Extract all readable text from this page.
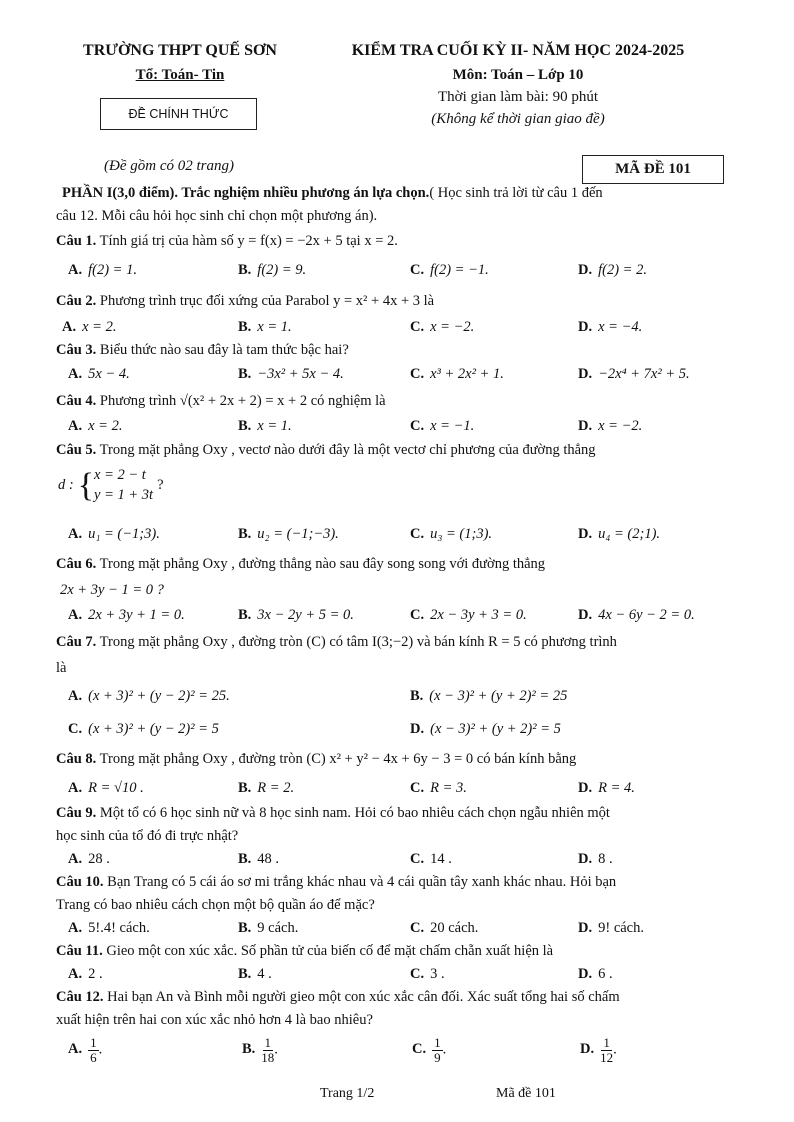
TRƯỜNG THPT QUẾ SƠN
Tổ: Toán- Tin
KIỂM TRA CUỐI KỲ II- NĂM HỌC 2024-2025
Môn: Toán – Lớp 10
Thời gian làm bài: 90 phút
(Không kể thời gian giao đề)
ĐỀ CHÍNH THỨC
(Đề gồm có 02 trang)	MÃ ĐỀ 101
PHẦN I(3,0 điểm). Trắc nghiệm nhiều phương án lựa chọn.( Học sinh trả lời từ câu 1 đến
câu 12. Mỗi câu hỏi học sinh chỉ chọn một phương án).
Câu 1. Tính giá trị của hàm số y = f(x) = −2x + 5 tại x = 2.
A. f(2) = 1.	B. f(2) = 9.	C. f(2) = −1.	D. f(2) = 2.
Câu 2. Phương trình trục đối xứng của Parabol y = x² + 4x + 3 là
A. x = 2.	B. x = 1.	C. x = −2.	D. x = −4.
Câu 3. Biểu thức nào sau đây là tam thức bậc hai?
A. 5x − 4.	B. −3x² + 5x − 4.	C. x³ + 2x² + 1.	D. −2x⁴ + 7x² + 5.
Câu 4. Phương trình √(x² + 2x + 2) = x + 2 có nghiệm là
A. x = 2.	B. x = 1.	C. x = −1.	D. x = −2.
Câu 5. Trong mặt phẳng Oxy , vectơ nào dưới đây là một vectơ chỉ phương của đường thẳng
d : { x = 2 − t
y = 1 + 3t
?
A. u₁ = (−1;3).	B. u₂ = (−1;−3).	C. u₃ = (1;3).	D. u₄ = (2;1).
Câu 6. Trong mặt phẳng Oxy , đường thẳng nào sau đây song song với đường thẳng
2x + 3y − 1 = 0 ?
A. 2x + 3y + 1 = 0.	B. 3x − 2y + 5 = 0.	C. 2x − 3y + 3 = 0.	D. 4x − 6y − 2 = 0.
Câu 7. Trong mặt phẳng Oxy , đường tròn (C) có tâm I(3;−2) và bán kính R = 5 có phương trình
là
A. (x + 3)² + (y − 2)² = 25.	B. (x − 3)² + (y + 2)² = 25
C. (x + 3)² + (y − 2)² = 5	D. (x − 3)² + (y + 2)² = 5
Câu 8. Trong mặt phẳng Oxy , đường tròn (C) x² + y² − 4x + 6y − 3 = 0 có bán kính bằng
A. R = √10 .	B. R = 2.	C. R = 3.	D. R = 4.
Câu 9. Một tổ có 6 học sinh nữ và 8 học sinh nam. Hỏi có bao nhiêu cách chọn ngẫu nhiên một
học sinh của tổ đó đi trực nhật?
A. 28 .	B. 48 .	C. 14 .	D. 8 .
Câu 10. Bạn Trang có 5 cái áo sơ mi trắng khác nhau và 4 cái quần tây xanh khác nhau. Hỏi bạn
Trang có bao nhiêu cách chọn một bộ quần áo để mặc?
A. 5!.4! cách.	B. 9 cách.	C. 20 cách.	D. 9! cách.
Câu 11. Gieo một con xúc xắc. Số phần tử của biến cố để mặt chấm chẵn xuất hiện là
A. 2 .	B. 4 .	C. 3 .	D. 6 .
Câu 12. Hai bạn An và Bình mỗi người gieo một con xúc xắc cân đối. Xác suất tổng hai số chấm
xuất hiện trên hai con xúc xắc nhỏ hơn 4 là bao nhiêu?
A. $\frac{1}{6}$ .	B. $\frac{1}{18}$ .	C. $\frac{1}{9}$ .	D. $\frac{1}{12}$ .
Trang 1/2	Mã đề 101
